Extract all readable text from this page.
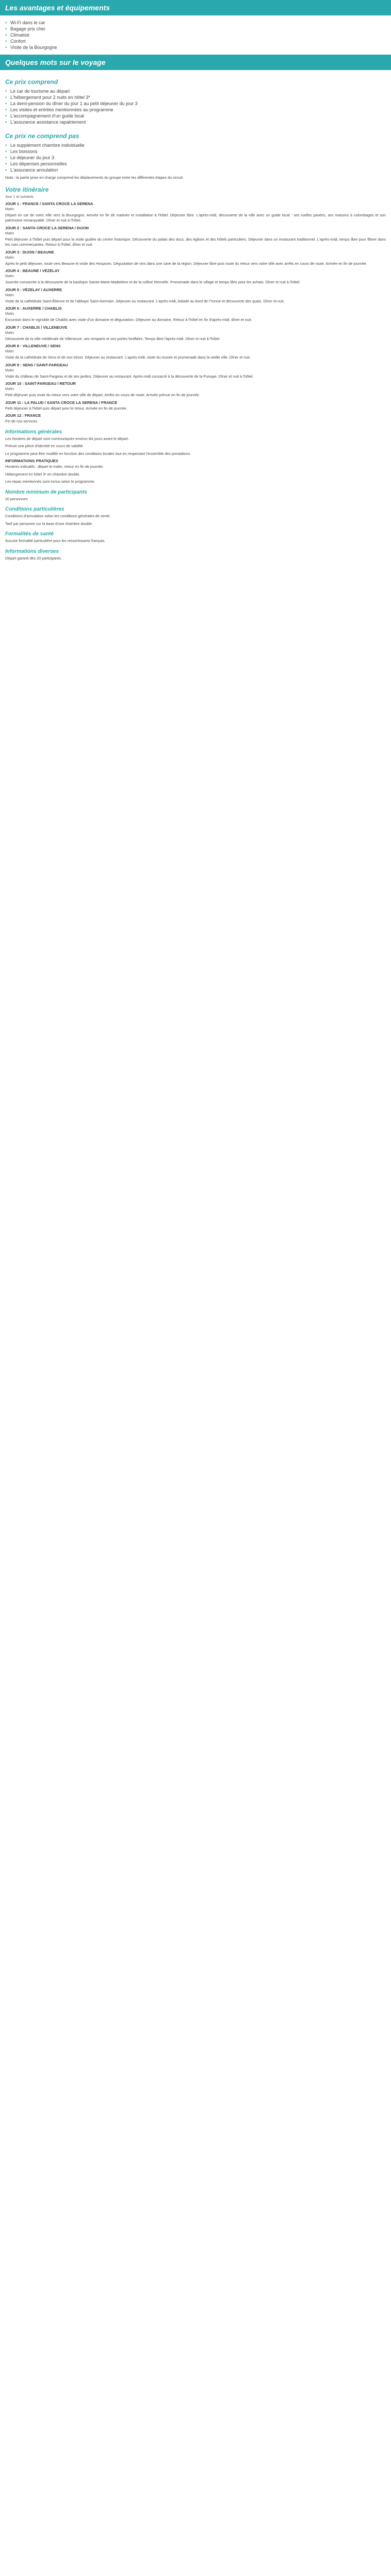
Les avantages et équipements
• Wi-Fi dans le car
• Bagage prix cher
• Climatisé
• Confort
• Visite de la Bourgogne
Quelques mots sur le voyage
Ce prix comprend
• Le car de tourisme au départ
• L'hébergement pour 2 nuits en hôtel 3*
• La demi-pension du dîner du jour 1 au petit déjeuner du jour 3
• Les visites et entrées mentionnées au programme
• L'accompagnement d'un guide local
• L'assurance assistance rapatriement
Ce prix ne comprend pas
• Le supplément chambre individuelle
• Les boissons
• Le déjeuner du jour 3
• Les dépenses personnelles
• L'assurance annulation

Nota : la partie prise en charge comprend les déplacements du groupe entre les différentes étapes du circuit.

Votre itinéraire

Jour 1 et suivants

JOUR 1 : FRANCE / SANTA CROCE LA SERENA

Matin

Départ en car de votre ville vers la Bourgogne. Arrivée en fin de matinée et installation à l'hôtel. Déjeuner libre. L'après-midi, découverte de la ville avec un guide local : ses ruelles pavées, ses maisons à colombages et son patrimoine remarquable. Dîner et nuit à l'hôtel.

JOUR 2 : SANTA CROCE LA SERENA / DIJON

Matin

Petit déjeuner à l'hôtel puis départ pour la visite guidée du centre historique. Découverte du palais des ducs, des églises et des hôtels particuliers. Déjeuner dans un restaurant traditionnel. L'après-midi, temps libre pour flâner dans les rues commerçantes. Retour à l'hôtel, dîner et nuit.

JOUR 3 : DIJON / BEAUNE

Matin

Après le petit déjeuner, route vers Beaune et visite des Hospices. Dégustation de vins dans une cave de la région. Déjeuner libre puis route du retour vers votre ville avec arrêts en cours de route. Arrivée en fin de journée.

JOUR 4 : BEAUNE / VÉZELAY

Matin

Journée consacrée à la découverte de la basilique Sainte-Marie-Madeleine et de la colline éternelle. Promenade dans le village et temps libre pour les achats. Dîner et nuit à l'hôtel.

JOUR 5 : VÉZELAY / AUXERRE

Matin

Visite de la cathédrale Saint-Étienne et de l'abbaye Saint-Germain. Déjeuner au restaurant. L'après-midi, balade au bord de l'Yonne et découverte des quais. Dîner et nuit.

JOUR 6 : AUXERRE / CHABLIS

Matin

Excursion dans le vignoble de Chablis avec visite d'un domaine et dégustation. Déjeuner au domaine. Retour à l'hôtel en fin d'après-midi, dîner et nuit.

JOUR 7 : CHABLIS / VILLENEUVE

Matin

Découverte de la ville médiévale de Villeneuve, ses remparts et ses portes fortifiées. Temps libre l'après-midi. Dîner et nuit à l'hôtel.

JOUR 8 : VILLENEUVE / SENS

Matin

Visite de la cathédrale de Sens et de son trésor. Déjeuner au restaurant. L'après-midi, visite du musée et promenade dans la vieille ville. Dîner et nuit.

JOUR 9 : SENS / SAINT-FARGEAU

Matin

Visite du château de Saint-Fargeau et de ses jardins. Déjeuner au restaurant. Après-midi consacré à la découverte de la Puisaye. Dîner et nuit à l'hôtel.

JOUR 10 : SAINT-FARGEAU / RETOUR

Matin

Petit déjeuner puis route du retour vers votre ville de départ. Arrêts en cours de route. Arrivée prévue en fin de journée.

JOUR 11 : LA PALUD / SANTA CROCE LA SERENA / FRANCE

Petit déjeuner à l'hôtel puis départ pour le retour. Arrivée en fin de journée.

JOUR 12 : FRANCE

Fin de nos services.

Informations générales

Les horaires de départ sont communiqués environ dix jours avant le départ.

Prévoir une pièce d'identité en cours de validité.

Le programme peut être modifié en fonction des conditions locales tout en respectant l'ensemble des prestations.

INFORMATIONS PRATIQUES

Horaires indicatifs : départ le matin, retour en fin de journée.

Hébergement en hôtel 3* en chambre double.

Les repas mentionnés sont inclus selon le programme.

Nombre minimum de participants

20 personnes

Conditions particulières

Conditions d'annulation selon les conditions générales de vente.

Tarif par personne sur la base d'une chambre double.

Formalités de santé

Aucune formalité particulière pour les ressortissants français.

Informations diverses

Départ garanti dès 20 participants.
